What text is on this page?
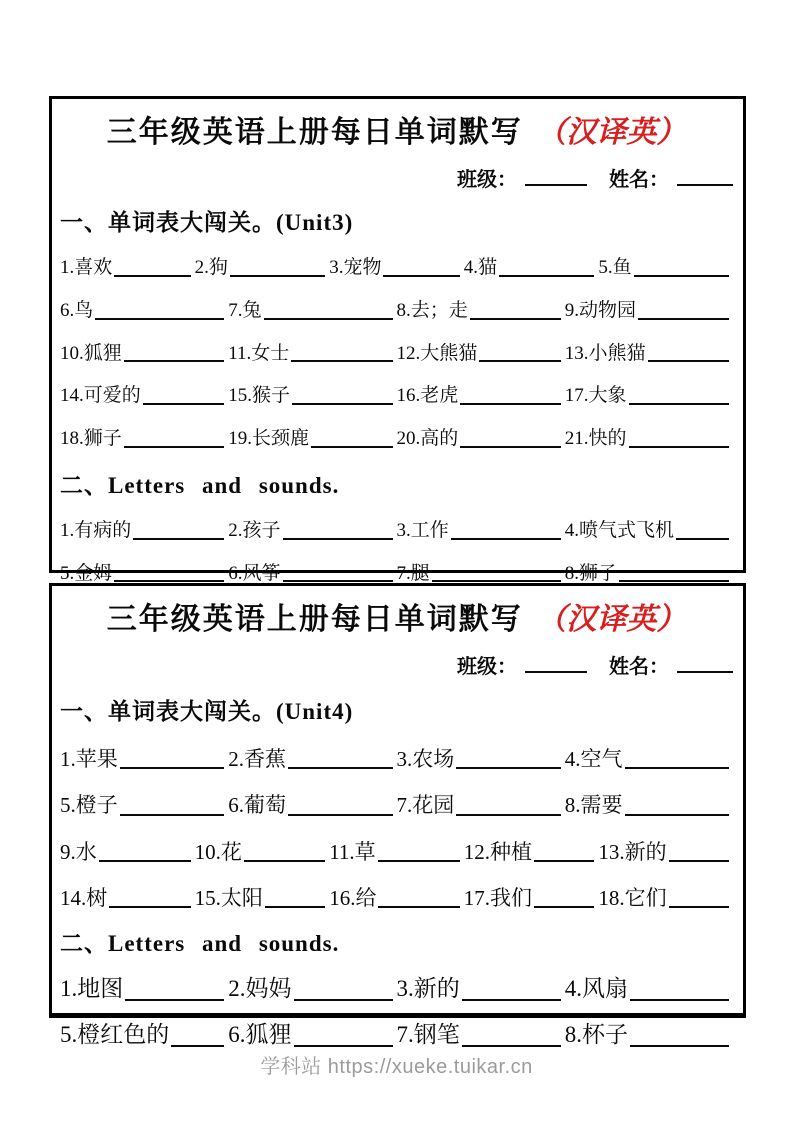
三年级英语上册每日单词默写 （汉译英）
班级：	姓名：
一、单词表大闯关。(Unit3)
1.喜欢	2.狗	3.宠物	4.猫	5.鱼
6.鸟	7.兔	8.去；走	9.动物园
10.狐狸	11.女士	12.大熊猫	13.小熊猫
14.可爱的	15.猴子	16.老虎	17.大象
18.狮子	19.长颈鹿	20.高的	21.快的
二、Letters and sounds.
1.有病的	2.孩子	3.工作	4.喷气式飞机
5.金姆	6.风筝	7.腿	8.狮子
三年级英语上册每日单词默写 （汉译英）
班级：	姓名：
一、单词表大闯关。(Unit4)
1.苹果	2.香蕉	3.农场	4.空气
5.橙子	6.葡萄	7.花园	8.需要
9.水	10.花	11.草	12.种植	13.新的
14.树	15.太阳	16.给	17.我们	18.它们
二、Letters and sounds.
1.地图	2.妈妈	3.新的	4.风扇
5.橙红色的	6.狐狸	7.钢笔	8.杯子
学科站 https://xueke.tuikar.cn
